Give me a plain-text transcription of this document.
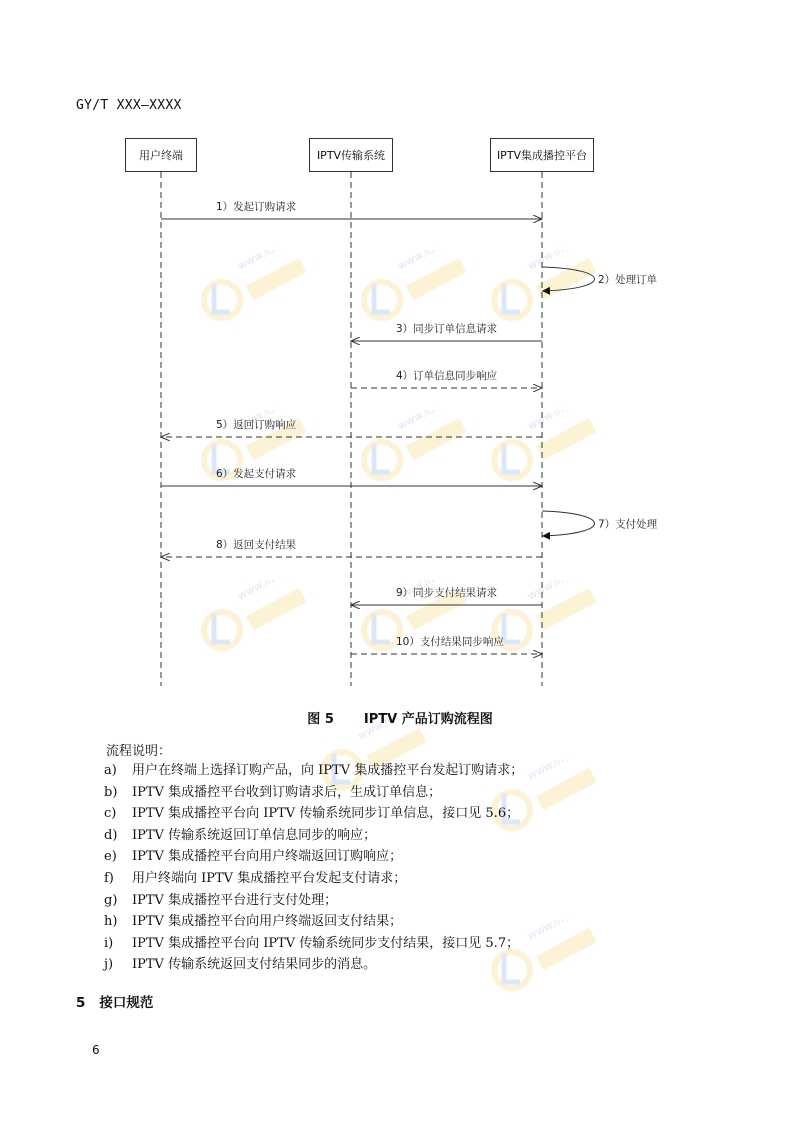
GY/T XXX—XXXX
用户终端	IPTV传输系统	IPTV集成播控平台
1）发起订购请求
2）处理订单
3）同步订单信息请求
4）订单信息同步响应
5）返回订购响应
6）发起支付请求
7）支付处理
8）返回支付结果
9）同步支付结果请求
10）支付结果同步响应
图 5 IPTV 产品订购流程图
流程说明：
a) 用户在终端上选择订购产品，向 IPTV 集成播控平台发起订购请求；
b) IPTV 集成播控平台收到订购请求后，生成订单信息；
c) IPTV 集成播控平台向 IPTV 传输系统同步订单信息，接口见 5.6；
d) IPTV 传输系统返回订单信息同步的响应；
e) IPTV 集成播控平台向用户终端返回订购响应；
f) 用户终端向 IPTV 集成播控平台发起支付请求；
g) IPTV 集成播控平台进行支付处理；
h) IPTV 集成播控平台向用户终端返回支付结果；
i) IPTV 集成播控平台向 IPTV 传输系统同步支付结果，接口见 5.7；
j) IPTV 传输系统返回支付结果同步的消息。
5 接口规范
6
